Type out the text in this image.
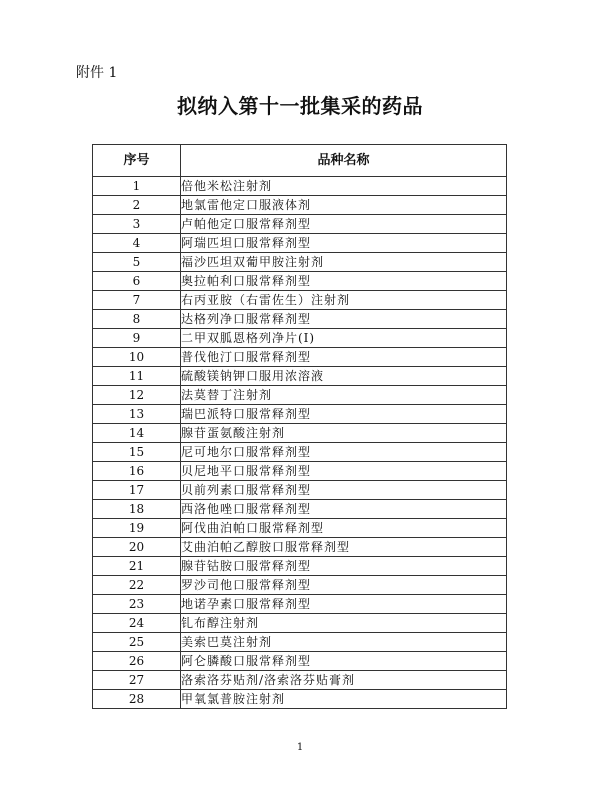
附件 1
拟纳入第十一批集采的药品
序号	品种名称
1	倍他米松注射剂
2	地氯雷他定口服液体剂
3	卢帕他定口服常释剂型
4	阿瑞匹坦口服常释剂型
5	福沙匹坦双葡甲胺注射剂
6	奥拉帕利口服常释剂型
7	右丙亚胺（右雷佐生）注射剂
8	达格列净口服常释剂型
9	二甲双胍恩格列净片(Ⅰ)
10	普伐他汀口服常释剂型
11	硫酸镁钠钾口服用浓溶液
12	法莫替丁注射剂
13	瑞巴派特口服常释剂型
14	腺苷蛋氨酸注射剂
15	尼可地尔口服常释剂型
16	贝尼地平口服常释剂型
17	贝前列素口服常释剂型
18	西洛他唑口服常释剂型
19	阿伐曲泊帕口服常释剂型
20	艾曲泊帕乙醇胺口服常释剂型
21	腺苷钴胺口服常释剂型
22	罗沙司他口服常释剂型
23	地诺孕素口服常释剂型
24	钆布醇注射剂
25	美索巴莫注射剂
26	阿仑膦酸口服常释剂型
27	洛索洛芬贴剂/洛索洛芬贴膏剂
28	甲氧氯普胺注射剂
1
